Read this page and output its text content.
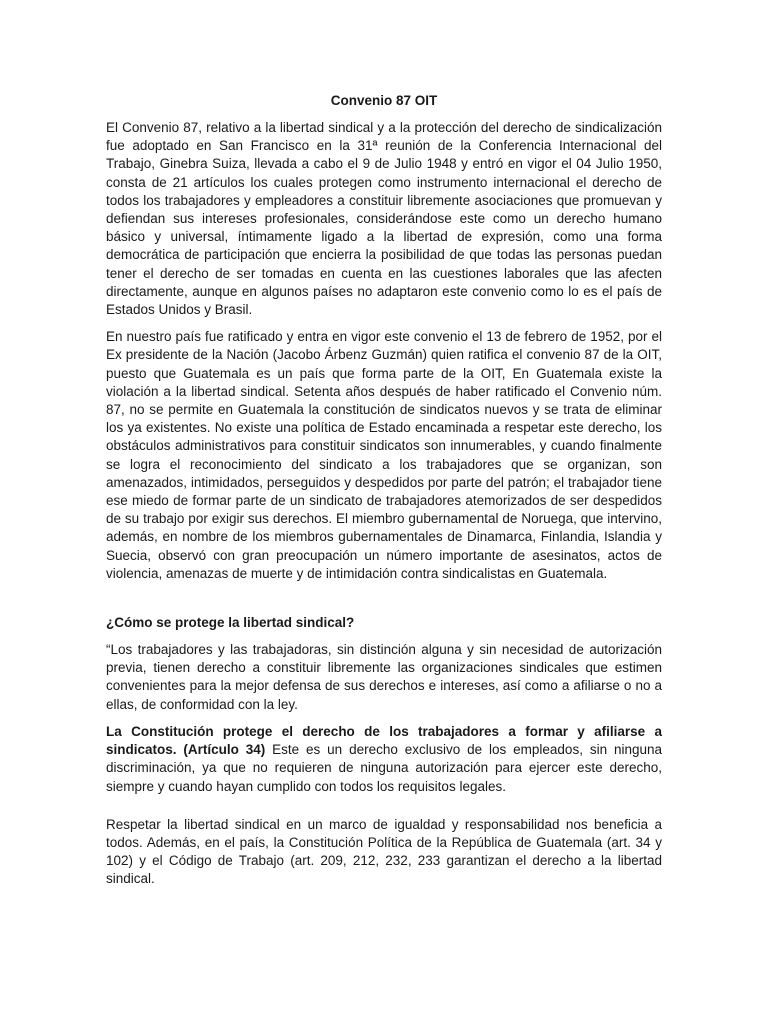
Convenio 87 OIT

El Convenio 87, relativo a la libertad sindical y a la protección del derecho de sindicalización fue adoptado en San Francisco en la 31ª reunión de la Conferencia Internacional del Trabajo, Ginebra Suiza, llevada a cabo el 9 de Julio 1948 y entró en vigor el 04 Julio 1950, consta de 21 artículos los cuales protegen como instrumento internacional el derecho de todos los trabajadores y empleadores a constituir libremente asociaciones que promuevan y defiendan sus intereses profesionales, considerándose este como un derecho humano básico y universal, íntimamente ligado a la libertad de expresión, como una forma democrática de participación que encierra la posibilidad de que todas las personas puedan tener el derecho de ser tomadas en cuenta en las cuestiones laborales que las afecten directamente, aunque en algunos países no adaptaron este convenio como lo es el país de Estados Unidos y Brasil.

En nuestro país fue ratificado y entra en vigor este convenio el 13 de febrero de 1952, por el Ex presidente de la Nación (Jacobo Árbenz Guzmán) quien ratifica el convenio 87 de la OIT, puesto que Guatemala es un país que forma parte de la OIT, En Guatemala existe la violación a la libertad sindical. Setenta años después de haber ratificado el Convenio núm. 87, no se permite en Guatemala la constitución de sindicatos nuevos y se trata de eliminar los ya existentes. No existe una política de Estado encaminada a respetar este derecho, los obstáculos administrativos para constituir sindicatos son innumerables, y cuando finalmente se logra el reconocimiento del sindicato a los trabajadores que se organizan, son amenazados, intimidados, perseguidos y despedidos por parte del patrón; el trabajador tiene ese miedo de formar parte de un sindicato de trabajadores atemorizados de ser despedidos de su trabajo por exigir sus derechos. El miembro gubernamental de Noruega, que intervino, además, en nombre de los miembros gubernamentales de Dinamarca, Finlandia, Islandia y Suecia, observó con gran preocupación un número importante de asesinatos, actos de violencia, amenazas de muerte y de intimidación contra sindicalistas en Guatemala.

¿Cómo se protege la libertad sindical?

“Los trabajadores y las trabajadoras, sin distinción alguna y sin necesidad de autorización previa, tienen derecho a constituir libremente las organizaciones sindicales que estimen convenientes para la mejor defensa de sus derechos e intereses, así como a afiliarse o no a ellas, de conformidad con la ley.

La Constitución protege el derecho de los trabajadores a formar y afiliarse a sindicatos. (Artículo 34) Este es un derecho exclusivo de los empleados, sin ninguna discriminación, ya que no requieren de ninguna autorización para ejercer este derecho, siempre y cuando hayan cumplido con todos los requisitos legales.

Respetar la libertad sindical en un marco de igualdad y responsabilidad nos beneficia a todos. Además, en el país, la Constitución Política de la República de Guatemala (art. 34 y 102) y el Código de Trabajo (art. 209, 212, 232, 233 garantizan el derecho a la libertad sindical.
